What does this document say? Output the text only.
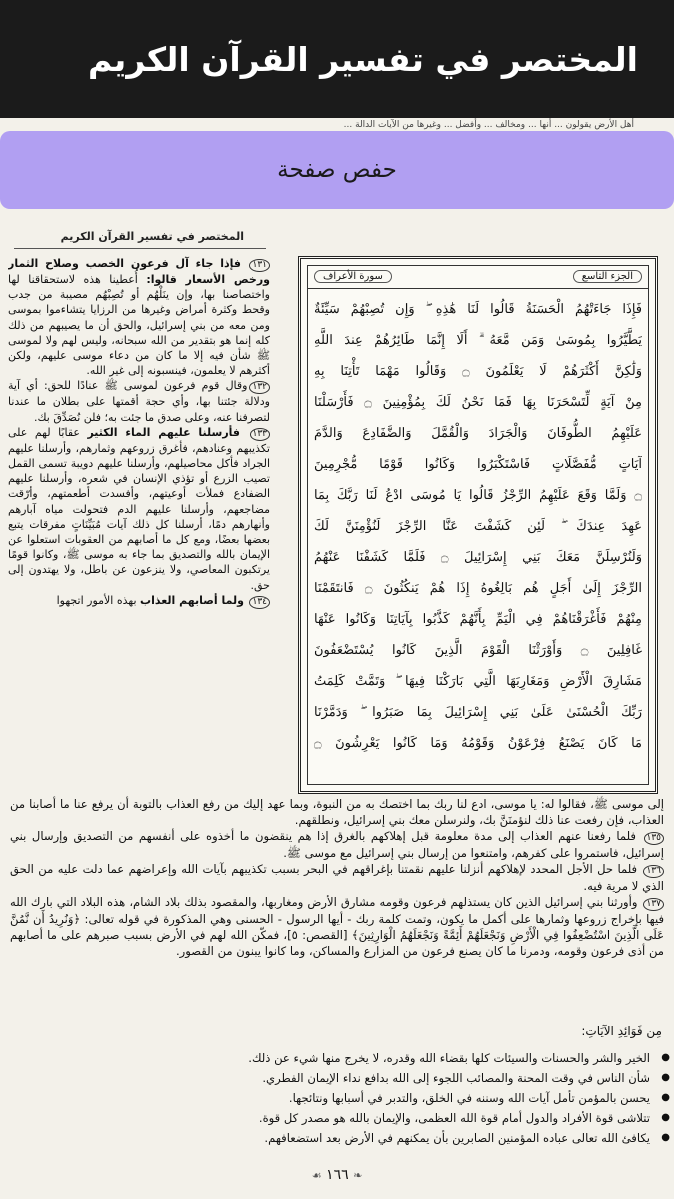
المختصر في تفسير القرآن الكريم
أهل الأرض يقولون ... أنها ... ومخالف ... وأفضل ... وغيرها من الآيات الدالة ...
حفص صفحة
المختصر في تفسير القرآن الكريم

١٣١ فإذا جاء آل فرعون الخصب وصلاح الثمار ورخص الأسعار قالوا: أُعطينا هذه لاستحقاقنا لها واختصاصنا بها، وإن ينَلْهُم أو تُصِبْهُم مصيبة من جدب وقحط وكثرة أمراض وغيرها من الرزايا يتشاءموا بموسى ومن معه من بني إسرائيل، والحق أن ما يصيبهم من ذلك كله إنما هو بتقدير من الله سبحانه، وليس لهم ولا لموسى ﷺ شأن فيه إلا ما كان من دعاء موسى عليهم، ولكن أكثرهم لا يعلمون، فينسبونه إلى غير الله.

١٣٢وقال قوم فرعون لموسى ﷺ عنادًا للحق: أي آية ودلالة جئتنا بها، وأي حجة أقمتها على بطلان ما عندنا لتصرفنا عنه، وعلى صدق ما جئت به؛ فلن نُصَدِّقَ بك.

١٣٣ فأرسلنا عليهم الماء الكثير عقابًا لهم على تكذيبهم وعنادهم، فأغرق زروعهم وثمارهم، وأرسلنا عليهم الجراد فأكل محاصيلهم، وأرسلنا عليهم دويبة تسمى القمل تصيب الزرع أو تؤذي الإنسان في شعره، وأرسلنا عليهم الضفادع فملأت أوعيتهم، وأفسدت أطعمتهم، وأرّقت مضاجعهم، وأرسلنا عليهم الدم فتحولت مياه آبارهم وأنهارهم دمًا، أرسلنا كل ذلك آيات مُبَيِّنَاتٍ مفرقات يتبع بعضها بعضًا، ومع كل ما أصابهم من العقوبات استعلوا عن الإيمان بالله والتصديق بما جاء به موسى ﷺ، وكانوا قومًا يرتكبون المعاصي، ولا ينزعون عن باطل، ولا يهتدون إلى حق.

١٣٤ ولما أصابهم العذاب بهذه الأمور اتجهوا

الجزء التاسع
سورة الأعراف
فَإِذَا جَاءَتْهُمُ الْحَسَنَةُ قَالُوا لَنَا هَٰذِهِ ۖ وَإِن تُصِبْهُمْ سَيِّئَةٌ
يَطَّيَّرُوا بِمُوسَىٰ وَمَن مَّعَهُ ۗ أَلَا إِنَّمَا طَائِرُهُمْ عِندَ اللَّهِ
وَلَٰكِنَّ أَكْثَرَهُمْ لَا يَعْلَمُونَ ۝ وَقَالُوا مَهْمَا تَأْتِنَا بِهِ
مِنْ آيَةٍ لِّتَسْحَرَنَا بِهَا فَمَا نَحْنُ لَكَ بِمُؤْمِنِينَ ۝ فَأَرْسَلْنَا
عَلَيْهِمُ الطُّوفَانَ وَالْجَرَادَ وَالْقُمَّلَ وَالضَّفَادِعَ وَالدَّمَ
آيَاتٍ مُّفَصَّلَاتٍ فَاسْتَكْبَرُوا وَكَانُوا قَوْمًا مُّجْرِمِينَ
۝ وَلَمَّا وَقَعَ عَلَيْهِمُ الرِّجْزُ قَالُوا يَا مُوسَى ادْعُ لَنَا رَبَّكَ بِمَا
عَهِدَ عِندَكَ ۖ لَئِن كَشَفْتَ عَنَّا الرِّجْزَ لَنُؤْمِنَنَّ لَكَ
وَلَنُرْسِلَنَّ مَعَكَ بَنِي إِسْرَائِيلَ ۝ فَلَمَّا كَشَفْنَا عَنْهُمُ
الرِّجْزَ إِلَىٰ أَجَلٍ هُم بَالِغُوهُ إِذَا هُمْ يَنكُثُونَ ۝ فَانتَقَمْنَا
مِنْهُمْ فَأَغْرَقْنَاهُمْ فِي الْيَمِّ بِأَنَّهُمْ كَذَّبُوا بِآيَاتِنَا وَكَانُوا عَنْهَا
غَافِلِينَ ۝ وَأَوْرَثْنَا الْقَوْمَ الَّذِينَ كَانُوا يُسْتَضْعَفُونَ
مَشَارِقَ الْأَرْضِ وَمَغَارِبَهَا الَّتِي بَارَكْنَا فِيهَا ۖ وَتَمَّتْ كَلِمَتُ
رَبِّكَ الْحُسْنَىٰ عَلَىٰ بَنِي إِسْرَائِيلَ بِمَا صَبَرُوا ۖ وَدَمَّرْنَا
مَا كَانَ يَصْنَعُ فِرْعَوْنُ وَقَوْمُهُ وَمَا كَانُوا يَعْرِشُونَ ۝

إلى موسى ﷺ، فقالوا له: يا موسى، ادع لنا ربك بما اختصك به من النبوة، وبما عهد إليك من رفع العذاب بالتوبة أن يرفع عنا ما أصابنا من العذاب، فإن رفعت عنا ذلك لنؤمنَنَّ بك، ولنرسلن معك بني إسرائيل، ونطلقهم.

١٣٥ فلما رفعنا عنهم العذاب إلى مدة معلومة قبل إهلاكهم بالغرق إذا هم ينقضون ما أخذوه على أنفسهم من التصديق وإرسال بني إسرائيل، فاستمروا على كفرهم، وامتنعوا من إرسال بني إسرائيل مع موسى ﷺ.

١٣٦ فلما حل الأجل المحدد لإهلاكهم أنزلنا عليهم نقمتنا بإغراقهم في البحر بسبب تكذيبهم بآيات الله وإعراضهم عما دلت عليه من الحق الذي لا مرية فيه.

١٣٧ وأورثنا بني إسرائيل الذين كان يستذلهم فرعون وقومه مشارق الأرض ومغاربها، والمقصود بذلك بلاد الشام، هذه البلاد التي بارك الله فيها بإخراج زروعها وثمارها على أكمل ما يكون، وتمت كلمة ربك - أيها الرسول - الحسنى وهي المذكورة في قوله تعالى: ﴿وَنُرِيدُ أَن نَّمُنَّ عَلَى الَّذِينَ اسْتُضْعِفُوا فِي الْأَرْضِ وَنَجْعَلَهُمْ أَئِمَّةً وَنَجْعَلَهُمُ الْوَارِثِينَ﴾ [القصص: ٥]، فمكّن الله لهم في الأرض بسبب صبرهم على ما أصابهم من أذى فرعون وقومه، ودمرنا ما كان يصنع فرعون من المزارع والمساكن، وما كانوا يبنون من القصور.

مِن فَوَائِدِ الآيَاتِ:
● الخير والشر والحسنات والسيئات كلها بقضاء الله وقدره، لا يخرج منها شيء عن ذلك.
● شأن الناس في وقت المحنة والمصائب اللجوء إلى الله بدافع نداء الإيمان الفطري.
● يحسن بالمؤمن تأمل آيات الله وسننه في الخلق، والتدبر في أسبابها ونتائجها.
● تتلاشى قوة الأفراد والدول أمام قوة الله العظمى، والإيمان بالله هو مصدر كل قوة.
● يكافئ الله تعالى عباده المؤمنين الصابرين بأن يمكنهم في الأرض بعد استضعافهم.
❧ ١٦٦ ☙
